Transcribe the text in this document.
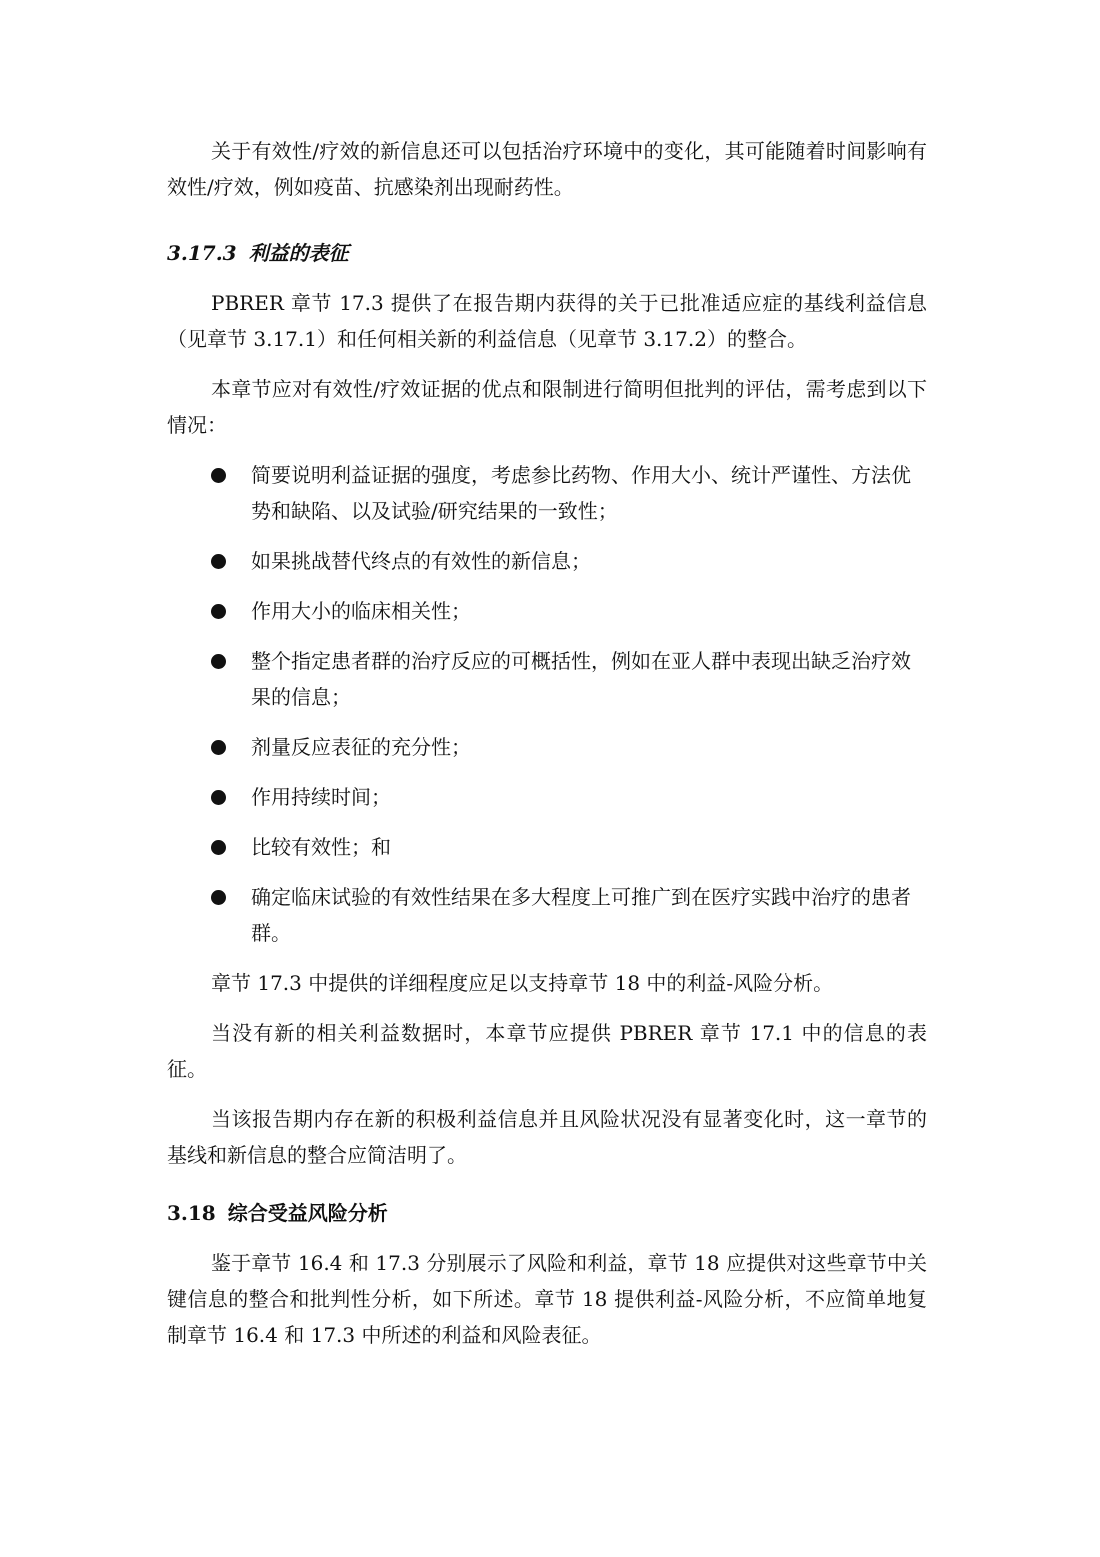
关于有效性/疗效的新信息还可以包括治疗环境中的变化，其可能随着时间影响有效性/疗效，例如疫苗、抗感染剂出现耐药性。

3.17.3 利益的表征

PBRER 章节 17.3 提供了在报告期内获得的关于已批准适应症的基线利益信息（见章节 3.17.1）和任何相关新的利益信息（见章节 3.17.2）的整合。

本章节应对有效性/疗效证据的优点和限制进行简明但批判的评估，需考虑到以下情况：

简要说明利益证据的强度，考虑参比药物、作用大小、统计严谨性、方法优势和缺陷、以及试验/研究结果的一致性；
如果挑战替代终点的有效性的新信息；
作用大小的临床相关性；
整个指定患者群的治疗反应的可概括性，例如在亚人群中表现出缺乏治疗效果的信息；
剂量反应表征的充分性；
作用持续时间；
比较有效性；和
确定临床试验的有效性结果在多大程度上可推广到在医疗实践中治疗的患者群。

章节 17.3 中提供的详细程度应足以支持章节 18 中的利益-风险分析。

当没有新的相关利益数据时，本章节应提供 PBRER 章节 17.1 中的信息的表征。

当该报告期内存在新的积极利益信息并且风险状况没有显著变化时，这一章节的基线和新信息的整合应简洁明了。

3.18 综合受益风险分析

鉴于章节 16.4 和 17.3 分别展示了风险和利益，章节 18 应提供对这些章节中关键信息的整合和批判性分析，如下所述。章节 18 提供利益-风险分析，不应简单地复制章节 16.4 和 17.3 中所述的利益和风险表征。
